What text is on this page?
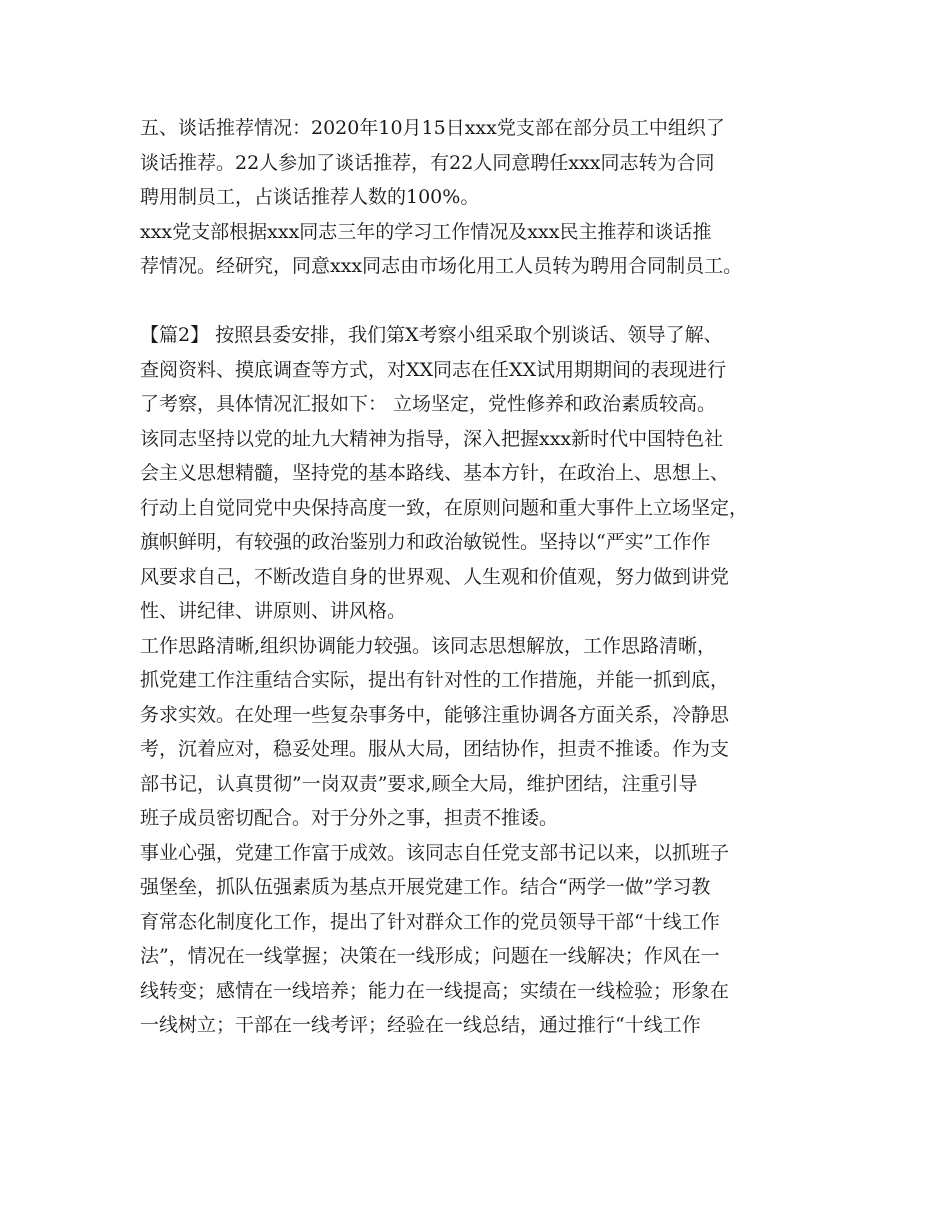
五、谈话推荐情况：2020年10月15日xxx党支部在部分员工中组织了
谈话推荐。22人参加了谈话推荐，有22人同意聘任xxx同志转为合同
聘用制员工，占谈话推荐人数的100%。
xxx党支部根据xxx同志三年的学习工作情况及xxx民主推荐和谈话推
荐情况。经研究，同意xxx同志由市场化用工人员转为聘用合同制员工。
【篇2】 按照县委安排，我们第X考察小组采取个别谈话、领导了解、
查阅资料、摸底调查等方式，对XX同志在任XX试用期期间的表现进行
了考察，具体情况汇报如下： 立场坚定，党性修养和政治素质较高。
该同志坚持以党的址九大精神为指导，深入把握xxx新时代中国特色社
会主义思想精髓，坚持党的基本路线、基本方针，在政治上、思想上、
行动上自觉同党中央保持高度一致，在原则问题和重大事件上立场坚定，
旗帜鲜明，有较强的政治鉴别力和政治敏锐性。坚持以“严实”工作作
风要求自己，不断改造自身的世界观、人生观和价值观，努力做到讲党
性、讲纪律、讲原则、讲风格。
工作思路清晰,组织协调能力较强。该同志思想解放，工作思路清晰，
抓党建工作注重结合实际，提出有针对性的工作措施，并能一抓到底，
务求实效。在处理一些复杂事务中，能够注重协调各方面关系，冷静思
考，沉着应对，稳妥处理。服从大局，团结协作，担责不推诿。作为支
部书记，认真贯彻”一岗双责”要求,顾全大局，维护团结，注重引导
班子成员密切配合。对于分外之事，担责不推诿。
事业心强，党建工作富于成效。该同志自任党支部书记以来，以抓班子
强堡垒，抓队伍强素质为基点开展党建工作。结合“两学一做”学习教
育常态化制度化工作，提出了针对群众工作的党员领导干部“十线工作
法”，情况在一线掌握；决策在一线形成；问题在一线解决；作风在一
线转变；感情在一线培养；能力在一线提高；实绩在一线检验；形象在
一线树立；干部在一线考评；经验在一线总结，通过推行“十线工作
